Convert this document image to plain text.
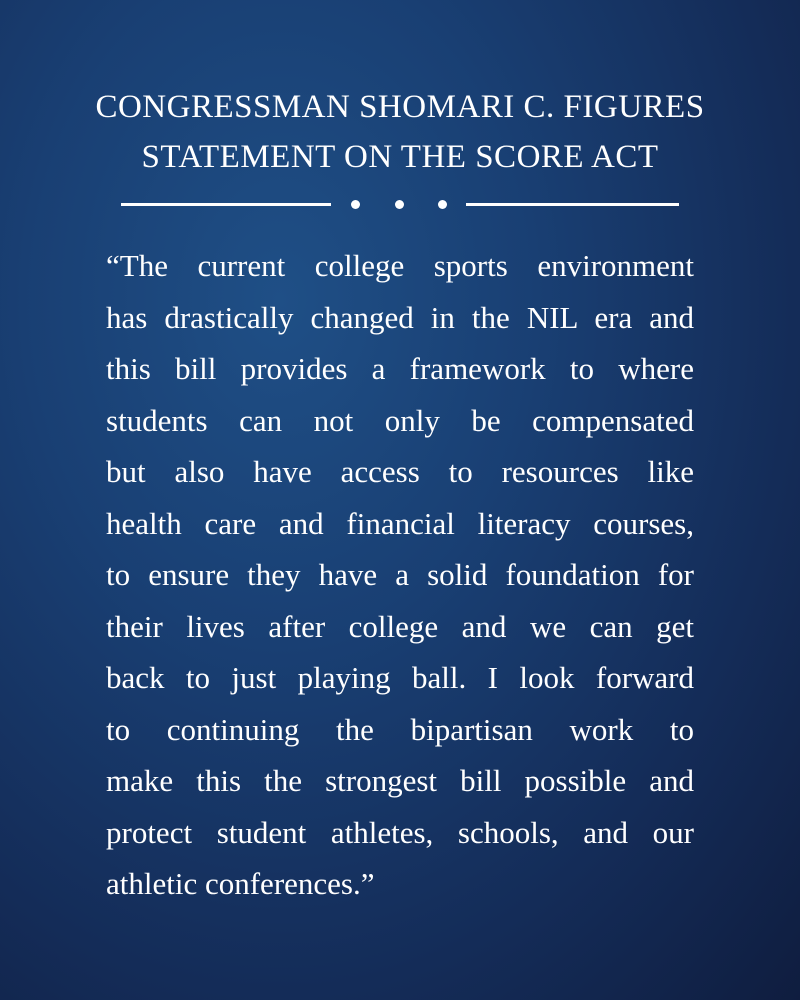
CONGRESSMAN SHOMARI C. FIGURES
STATEMENT ON THE SCORE ACT
“The current college sports environment
has drastically changed in the NIL era and
this bill provides a framework to where
students can not only be compensated
but also have access to resources like
health care and financial literacy courses,
to ensure they have a solid foundation for
their lives after college and we can get
back to just playing ball. I look forward
to continuing the bipartisan work to
make this the strongest bill possible and
protect student athletes, schools, and our
athletic conferences.”
